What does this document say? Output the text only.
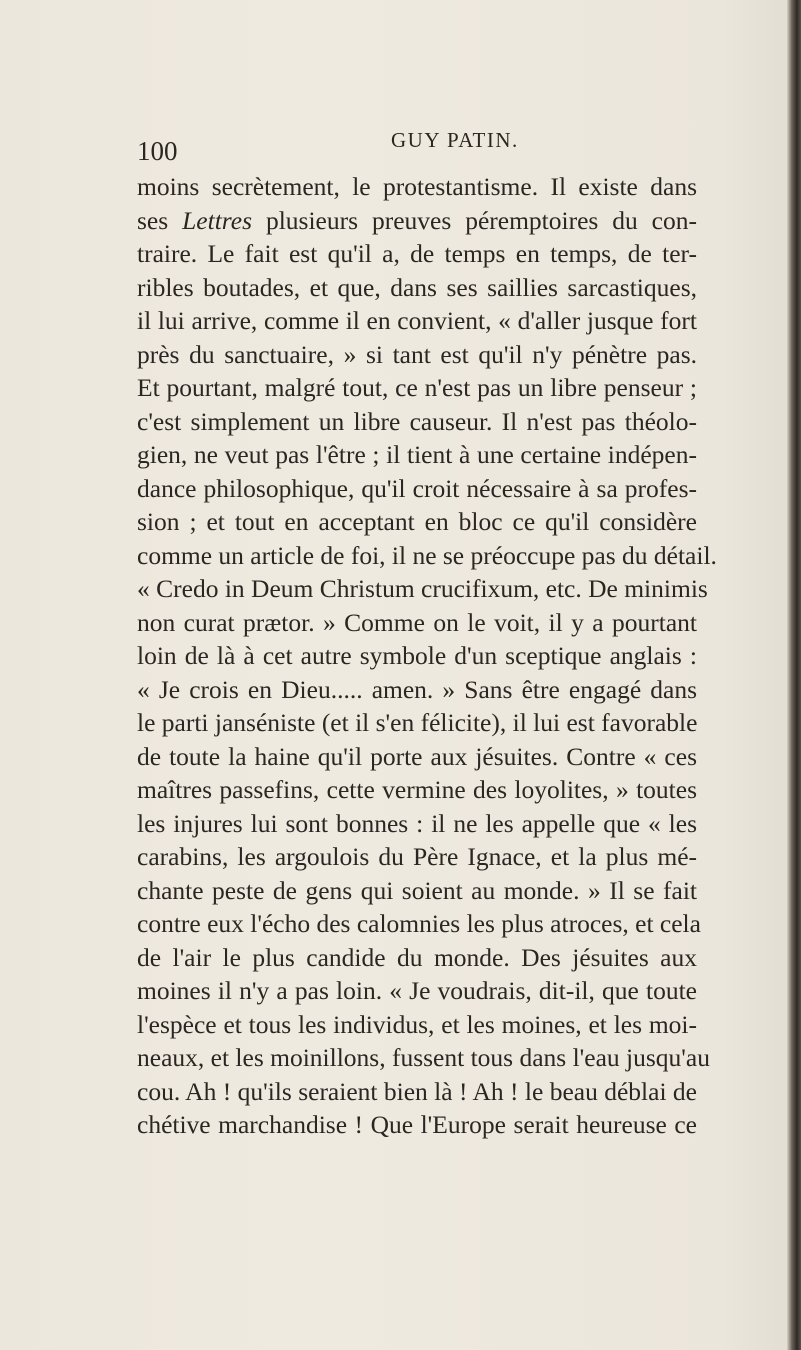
100	GUY PATIN.
moins secrètement, le protestantisme. Il existe dans
ses Lettres plusieurs preuves péremptoires du con-
traire. Le fait est qu'il a, de temps en temps, de ter-
ribles boutades, et que, dans ses saillies sarcastiques,
il lui arrive, comme il en convient, « d'aller jusque fort
près du sanctuaire, » si tant est qu'il n'y pénètre pas.
Et pourtant, malgré tout, ce n'est pas un libre penseur ;
c'est simplement un libre causeur. Il n'est pas théolo-
gien, ne veut pas l'être ; il tient à une certaine indépen-
dance philosophique, qu'il croit nécessaire à sa profes-
sion ; et tout en acceptant en bloc ce qu'il considère
comme un article de foi, il ne se préoccupe pas du détail.
« Credo in Deum Christum crucifixum, etc. De minimis
non curat prætor. » Comme on le voit, il y a pourtant
loin de là à cet autre symbole d'un sceptique anglais :
« Je crois en Dieu..... amen. » Sans être engagé dans
le parti janséniste (et il s'en félicite), il lui est favorable
de toute la haine qu'il porte aux jésuites. Contre « ces
maîtres passefins, cette vermine des loyolites, » toutes
les injures lui sont bonnes : il ne les appelle que « les
carabins, les argoulois du Père Ignace, et la plus mé-
chante peste de gens qui soient au monde. » Il se fait
contre eux l'écho des calomnies les plus atroces, et cela
de l'air le plus candide du monde. Des jésuites aux
moines il n'y a pas loin. « Je voudrais, dit-il, que toute
l'espèce et tous les individus, et les moines, et les moi-
neaux, et les moinillons, fussent tous dans l'eau jusqu'au
cou. Ah ! qu'ils seraient bien là ! Ah ! le beau déblai de
chétive marchandise ! Que l'Europe serait heureuse ce
